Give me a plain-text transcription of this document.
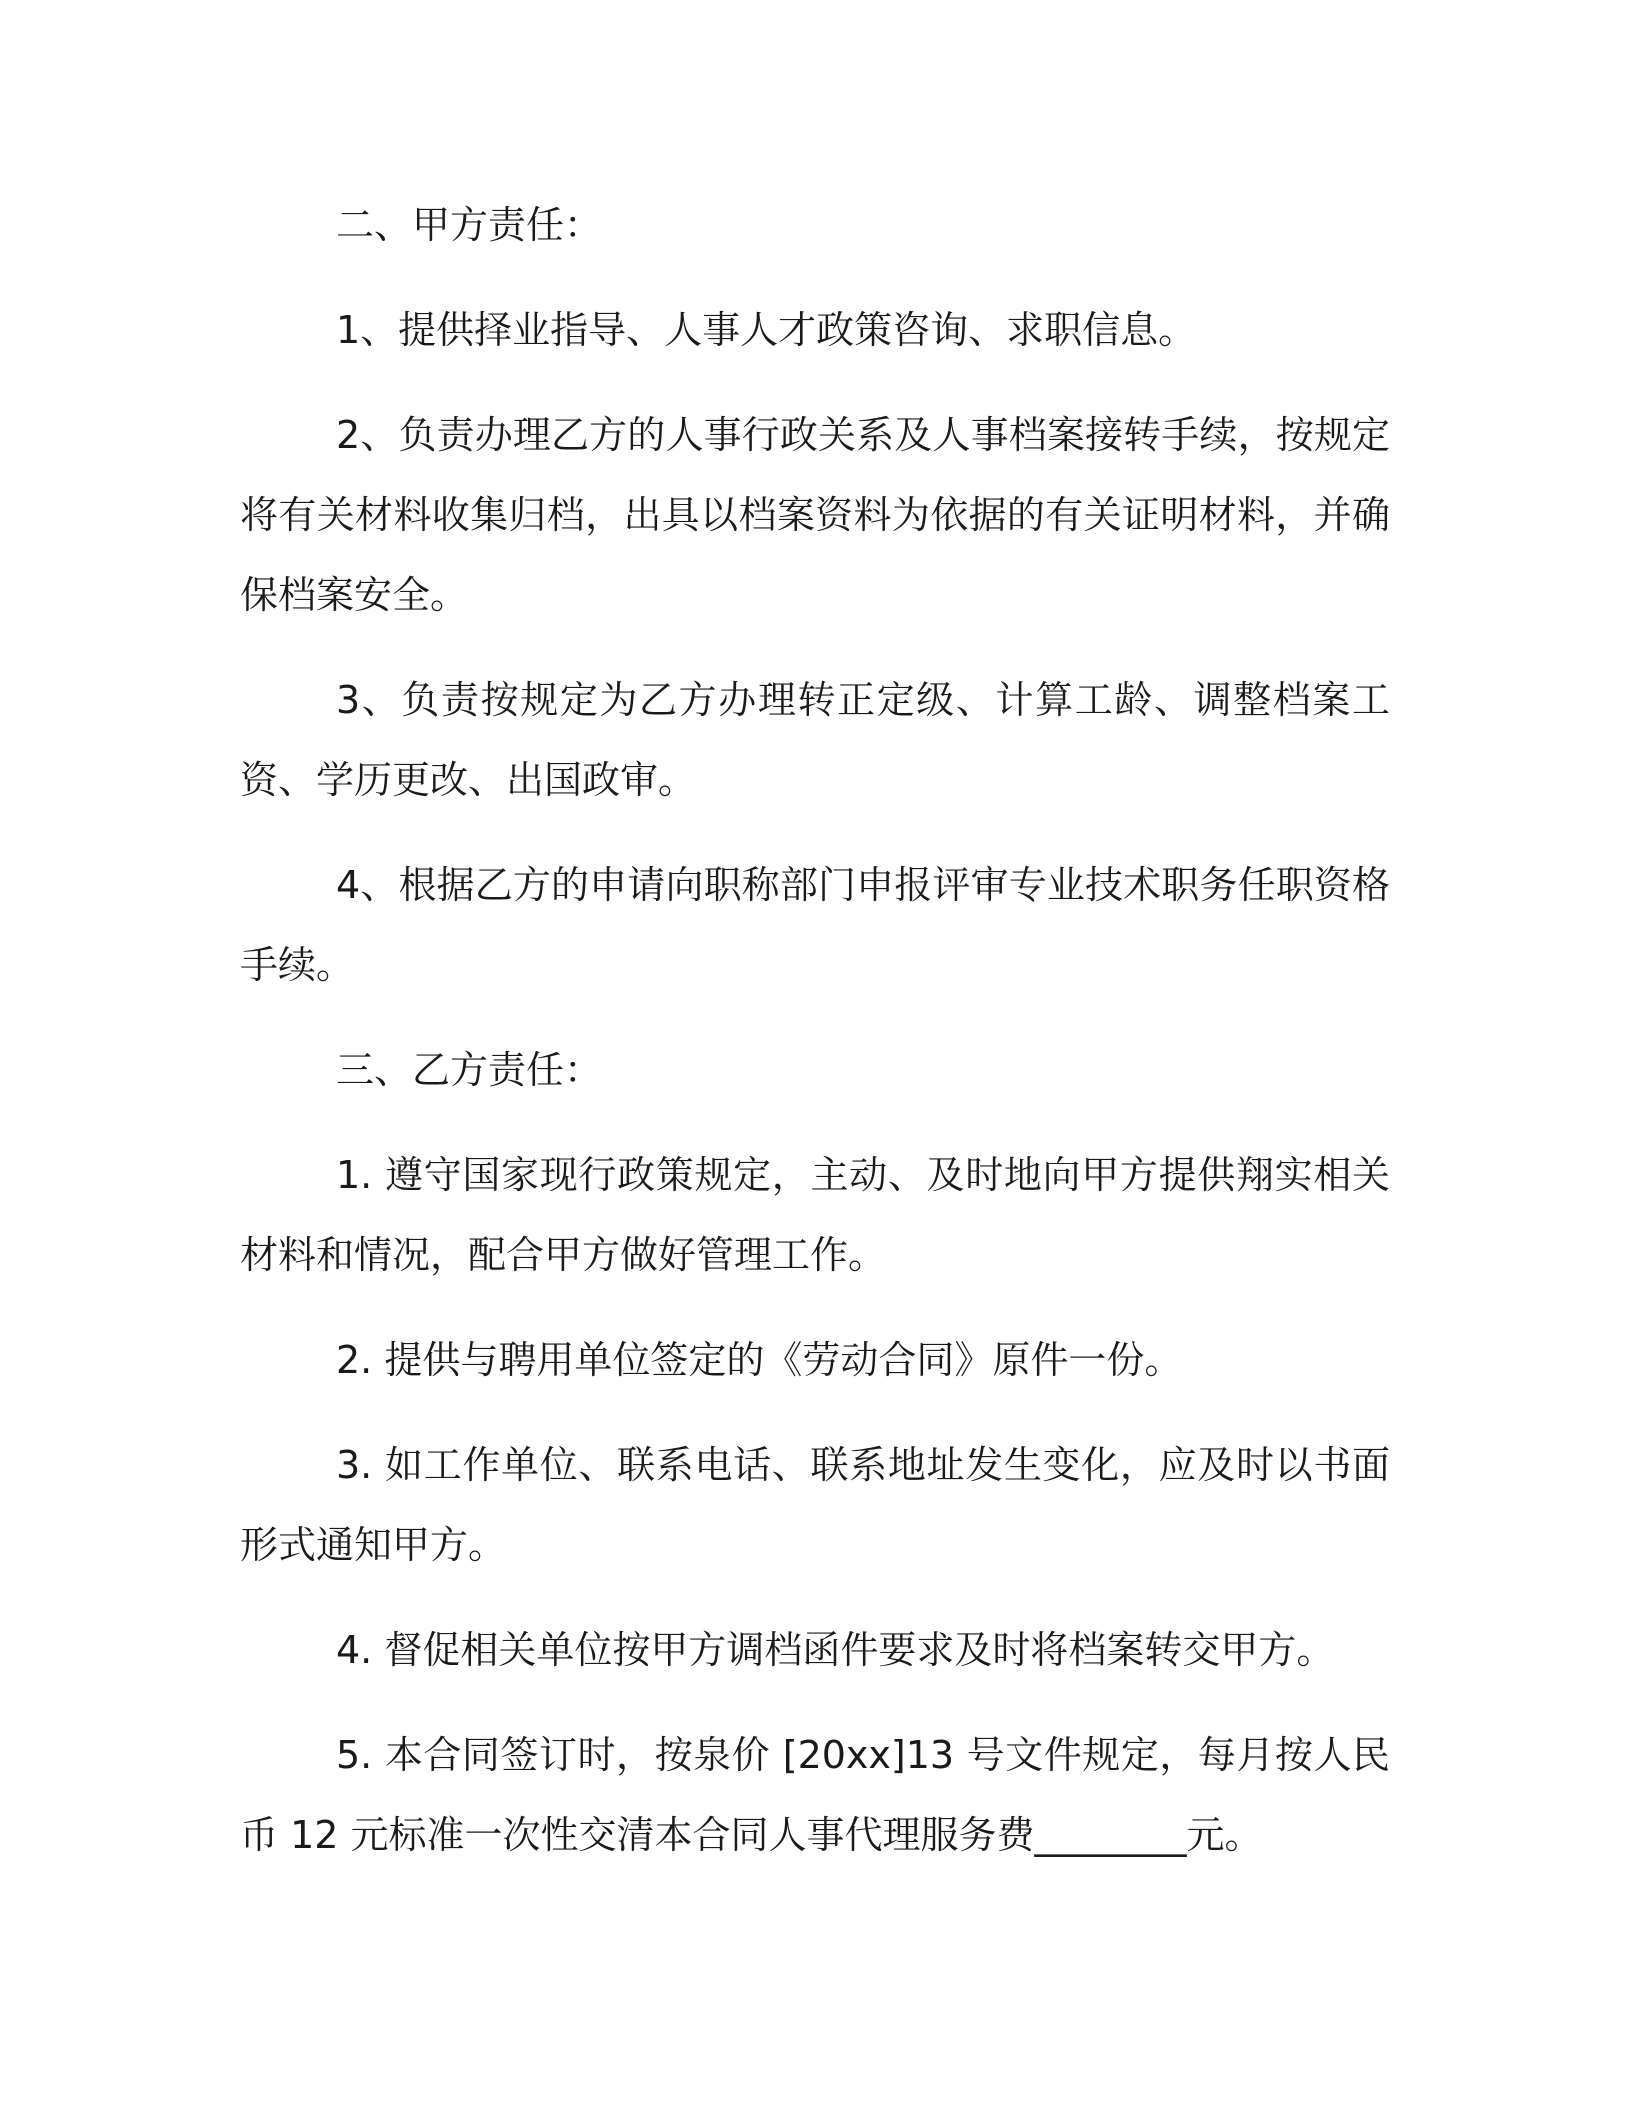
二、甲方责任：

1、提供择业指导、人事人才政策咨询、求职信息。

2、负责办理乙方的人事行政关系及人事档案接转手续，按规定将有关材料收集归档，出具以档案资料为依据的有关证明材料，并确保档案安全。

3、负责按规定为乙方办理转正定级、计算工龄、调整档案工资、学历更改、出国政审。

4、根据乙方的申请向职称部门申报评审专业技术职务任职资格手续。

三、乙方责任：

1. 遵守国家现行政策规定，主动、及时地向甲方提供翔实相关材料和情况，配合甲方做好管理工作。

2. 提供与聘用单位签定的《劳动合同》原件一份。

3. 如工作单位、联系电话、联系地址发生变化，应及时以书面形式通知甲方。

4. 督促相关单位按甲方调档函件要求及时将档案转交甲方。

5. 本合同签订时，按泉价 [20xx]13 号文件规定，每月按人民币 12 元标准一次性交清本合同人事代理服务费________元。
